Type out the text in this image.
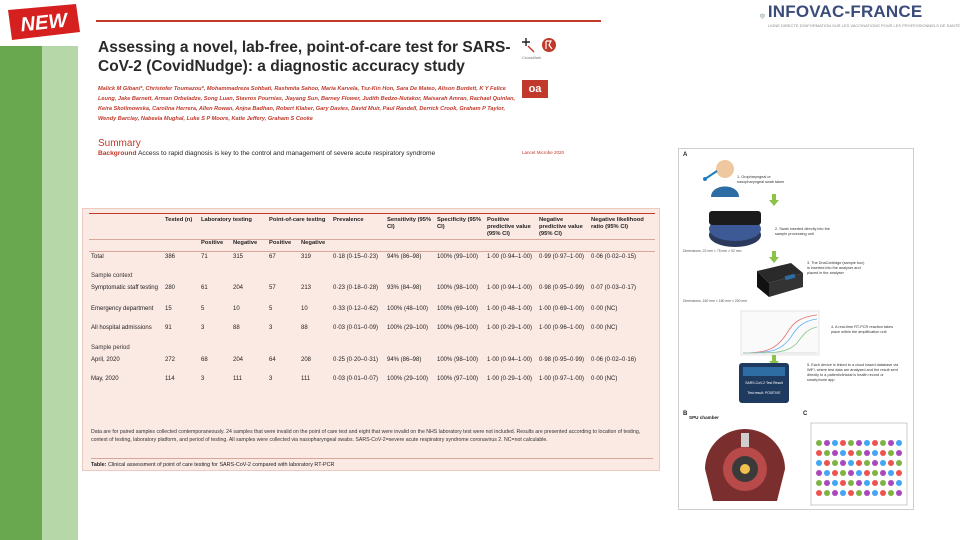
NEW	INFOVAC-FRANCE
LIGNE DIRECTE D'INFORMATION SUR LES VACCINATIONS POUR LES PROFESSIONNELS DE SANTÉ
Assessing a novel, lab-free, point-of-care test for SARS-CoV-2 (CovidNudge): a diagnostic accuracy study
CrossMark
oa
Malick M Gibani*, Christofer Toumazou*, Mohammadreza Sohbati, Rashmita Sahoo, Maria Karvela, Tsz-Kin Hon, Sara De Mateo, Alison Burdett, K Y Felice Leung, Jake Barnett, Arman Orbeladze, Song Luan, Stavros Pournias, Jiayang Sun, Barney Flower, Judith Bedzo-Nutakor, Maisarah Amran, Rachael Quinlan, Keira Skolimowska, Carolina Herrera, Allen Rowan, Anjna Badhan, Robert Klaber, Gary Davies, David Muir, Paul Randell, Derrick Crook, Graham P Taylor, Wendy Barclay, Nabeela Mughal, Luke S P Moore, Katie Jeffery, Graham S Cooke
Summary
Background Access to rapid diagnosis is key to the control and management of severe acute respiratory syndrome	Lancet Microbe 2020
	Tested (n)	Laboratory testing		Point-of-care testing		Prevalence	Sensitivity (95% CI)	Specificity (95% CI)	Positive predictive value (95% CI)	Negative predictive value (95% CI)	Negative likelihood ratio (95% CI)
		Positive	Negative	Positive	Negative						
Total	386	71	315	67	319	0·18 (0·15–0·23)	94% (86–98)	100% (99–100)	1·00 (0·94–1·00)	0·99 (0·97–1·00)	0·06 (0·02–0·15)
Sample context											
Symptomatic staff testing	280	61	204	57	213	0·23 (0·18–0·28)	93% (84–98)	100% (98–100)	1·00 (0·94–1·00)	0·98 (0·95–0·99)	0·07 (0·03–0·17)
Emergency department	15	5	10	5	10	0·33 (0·12–0·62)	100% (48–100)	100% (69–100)	1·00 (0·48–1·00)	1·00 (0·69–1·00)	0·00 (NC)
All hospital admissions	91	3	88	3	88	0·03 (0·01–0·09)	100% (29–100)	100% (96–100)	1·00 (0·29–1·00)	1·00 (0·96–1·00)	0·00 (NC)
Sample period											
April, 2020	272	68	204	64	208	0·25 (0·20–0·31)	94% (86–98)	100% (98–100)	1·00 (0·94–1·00)	0·98 (0·95–0·99)	0·06 (0·02–0·16)
May, 2020	114	3	111	3	111	0·03 (0·01–0·07)	100% (29–100)	100% (97–100)	1·00 (0·29–1·00)	1·00 (0·97–1·00)	0·00 (NC)
Data are for paired samples collected contemporaneously. 24 samples that were invalid on the point of care test and eight that were invalid on the NHS laboratory test were not included. Results are presented according to location of testing, context of testing, laboratory platform, and period of testing. All samples were collected via nasopharyngeal swabs. SARS-CoV-2=severe acute respiratory syndrome coronavirus 2. NC=not calculable.
Table: Clinical assessment of point of care testing for SARS-CoV-2 compared with laboratory RT-PCR
A
1. Oropharyngeal or nasopharyngeal swab taken
Dimensions: 22 mm × 75 mm × 92 mm
2. Swab inserted directly into the sample processing unit
3. The DnaCartridge (sample box) is inserted into the analyser and placed in the analyser
Dimensions: 160 mm × 180 mm × 200 mm
4. A real-time RT-PCR reaction takes place within the amplification unit
SARS-CoV-2 Test Result
Test result: POSITIVE
5. Each device is linked to a cloud based database via WiFi, where test data are analysed and the result sent directly to a patient/clinician's health record or smartphone app
B
SPU chamber
C
